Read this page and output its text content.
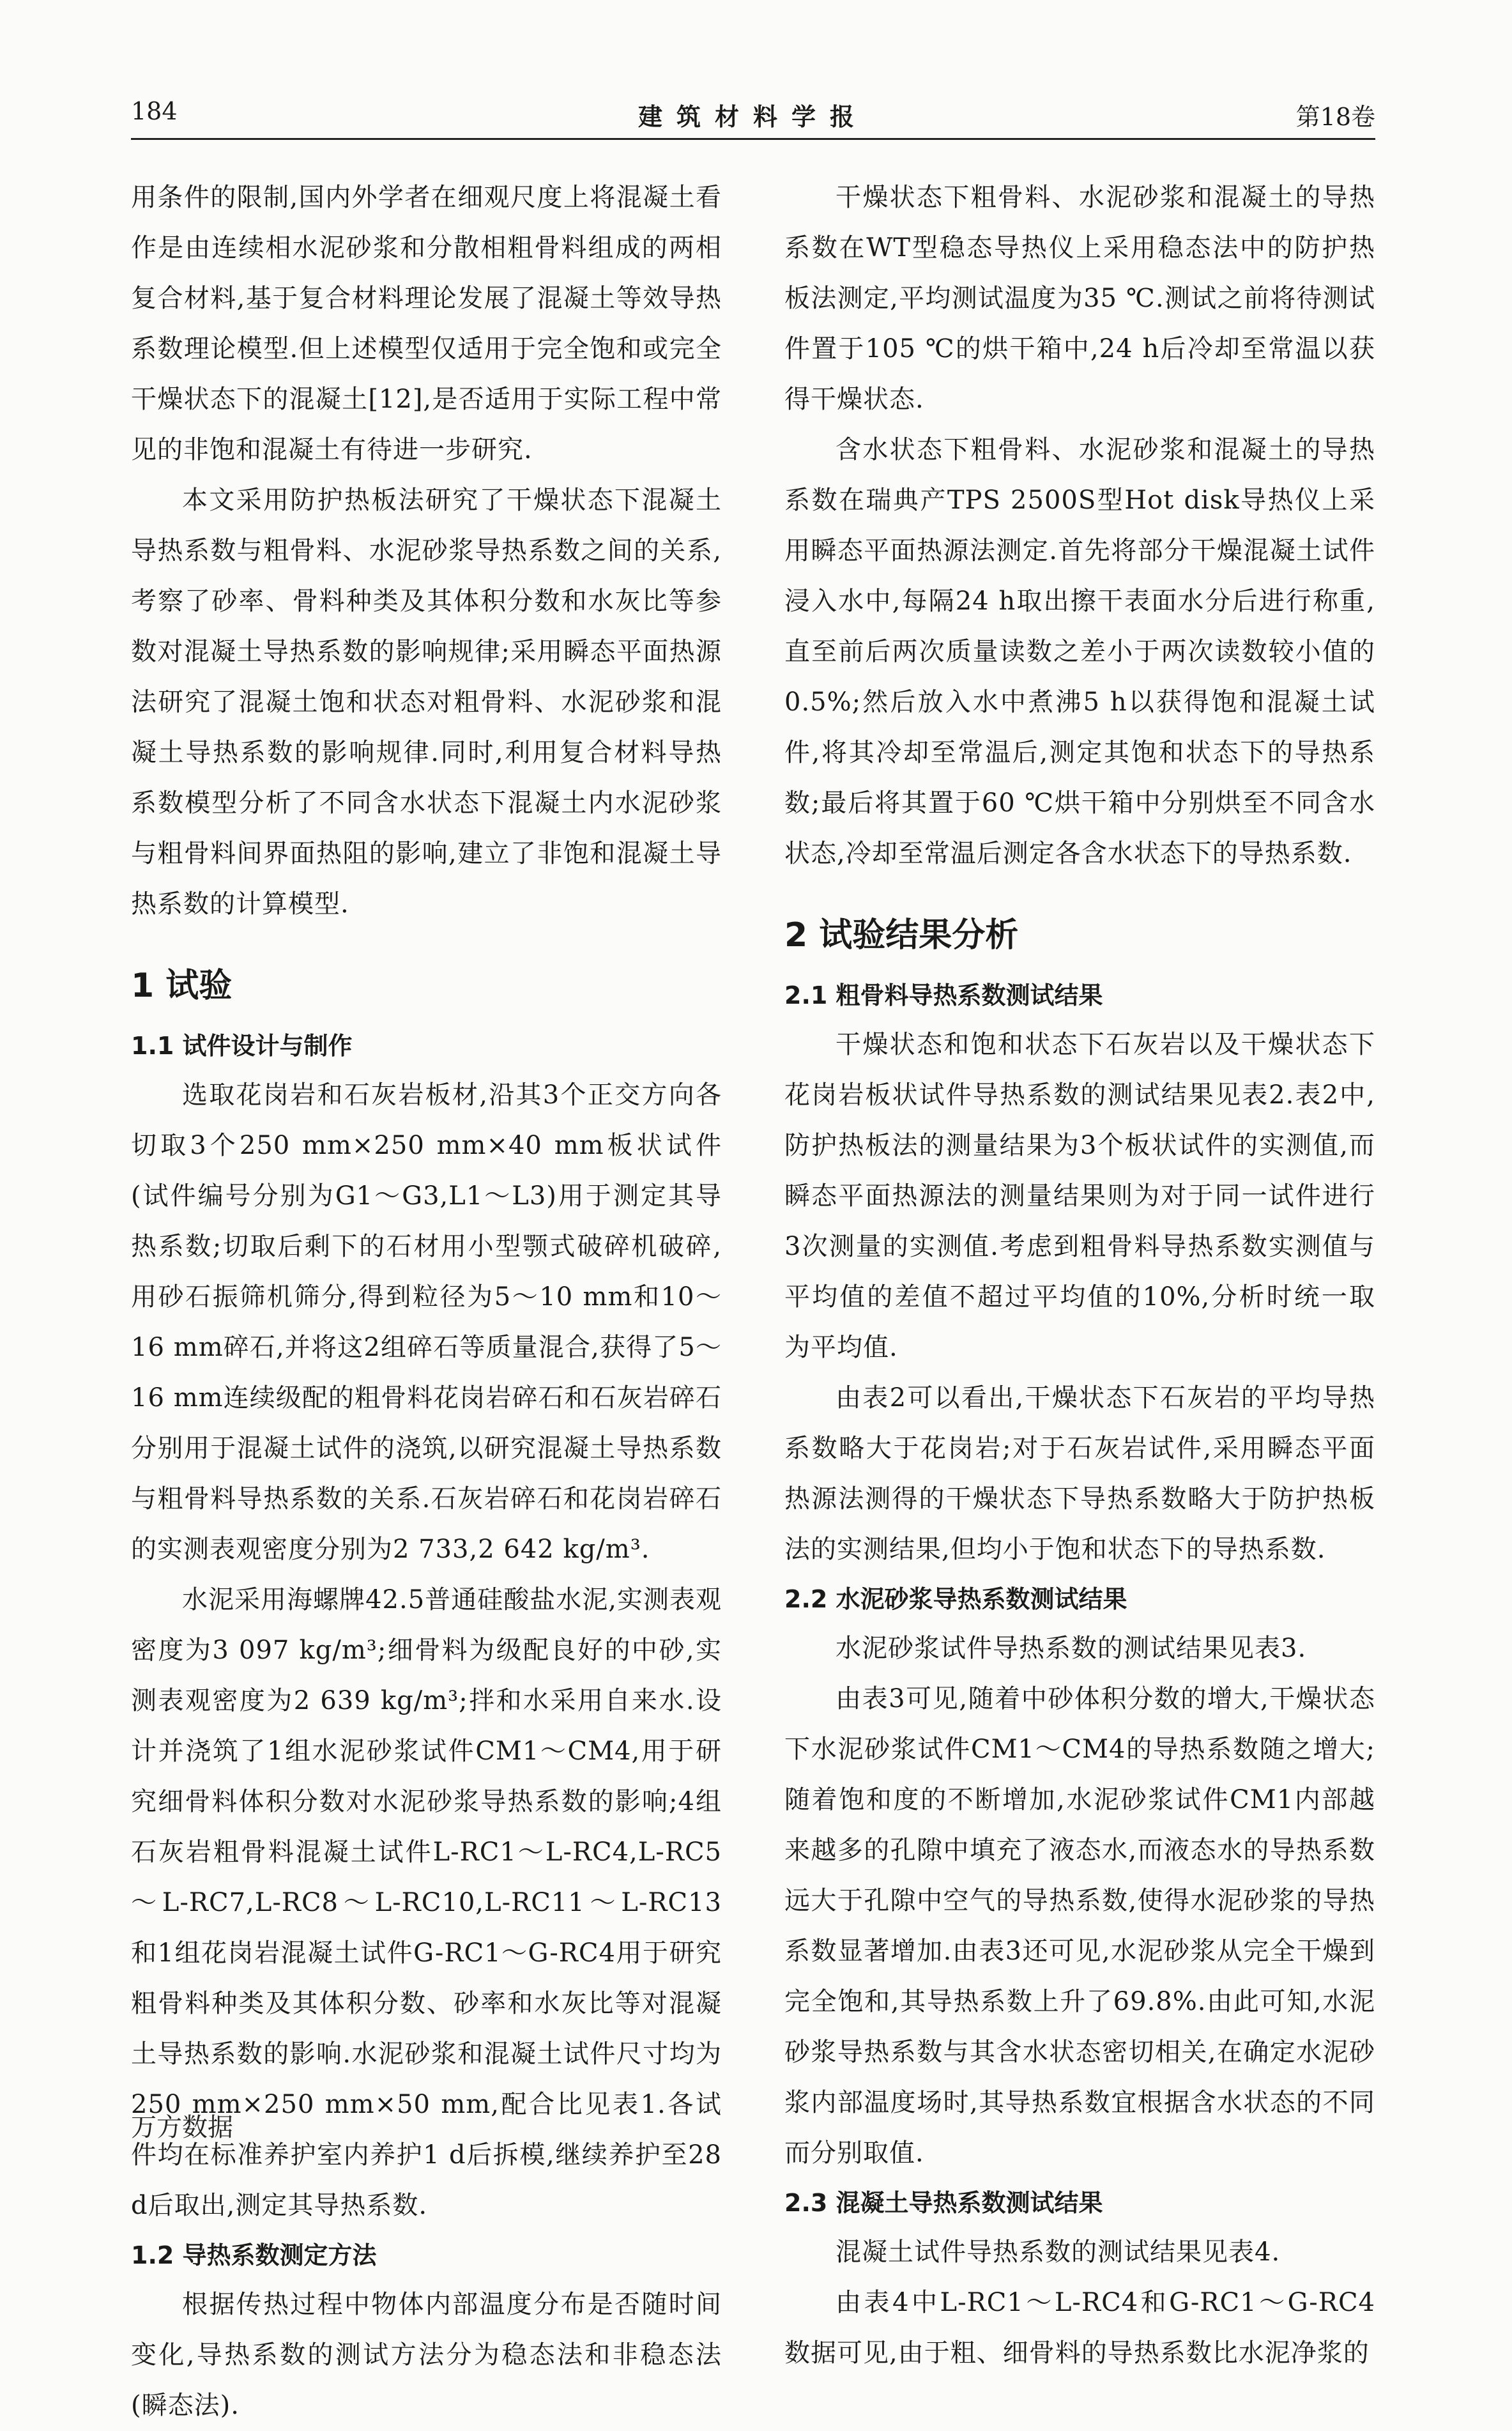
184	建筑材料学报	第18卷

用条件的限制,国内外学者在细观尺度上将混凝土看作是由连续相水泥砂浆和分散相粗骨料组成的两相复合材料,基于复合材料理论发展了混凝土等效导热系数理论模型.但上述模型仅适用于完全饱和或完全干燥状态下的混凝土[12],是否适用于实际工程中常见的非饱和混凝土有待进一步研究.

本文采用防护热板法研究了干燥状态下混凝土导热系数与粗骨料、水泥砂浆导热系数之间的关系,考察了砂率、骨料种类及其体积分数和水灰比等参数对混凝土导热系数的影响规律;采用瞬态平面热源法研究了混凝土饱和状态对粗骨料、水泥砂浆和混凝土导热系数的影响规律.同时,利用复合材料导热系数模型分析了不同含水状态下混凝土内水泥砂浆与粗骨料间界面热阻的影响,建立了非饱和混凝土导热系数的计算模型.

1 试验
1.1 试件设计与制作

选取花岗岩和石灰岩板材,沿其3个正交方向各切取3个250 mm×250 mm×40 mm板状试件(试件编号分别为G1～G3,L1～L3)用于测定其导热系数;切取后剩下的石材用小型颚式破碎机破碎,用砂石振筛机筛分,得到粒径为5～10 mm和10～16 mm碎石,并将这2组碎石等质量混合,获得了5～16 mm连续级配的粗骨料花岗岩碎石和石灰岩碎石分别用于混凝土试件的浇筑,以研究混凝土导热系数与粗骨料导热系数的关系.石灰岩碎石和花岗岩碎石的实测表观密度分别为2 733,2 642 kg/m³.

水泥采用海螺牌42.5普通硅酸盐水泥,实测表观密度为3 097 kg/m³;细骨料为级配良好的中砂,实测表观密度为2 639 kg/m³;拌和水采用自来水.设计并浇筑了1组水泥砂浆试件CM1～CM4,用于研究细骨料体积分数对水泥砂浆导热系数的影响;4组石灰岩粗骨料混凝土试件L-RC1～L-RC4,L-RC5～L-RC7,L-RC8～L-RC10,L-RC11～L-RC13和1组花岗岩混凝土试件G-RC1～G-RC4用于研究粗骨料种类及其体积分数、砂率和水灰比等对混凝土导热系数的影响.水泥砂浆和混凝土试件尺寸均为250 mm×250 mm×50 mm,配合比见表1.各试件均在标准养护室内养护1 d后拆模,继续养护至28 d后取出,测定其导热系数.

1.2 导热系数测定方法

根据传热过程中物体内部温度分布是否随时间变化,导热系数的测试方法分为稳态法和非稳态法(瞬态法).

干燥状态下粗骨料、水泥砂浆和混凝土的导热系数在WT型稳态导热仪上采用稳态法中的防护热板法测定,平均测试温度为35 ℃.测试之前将待测试件置于105 ℃的烘干箱中,24 h后冷却至常温以获得干燥状态.

含水状态下粗骨料、水泥砂浆和混凝土的导热系数在瑞典产TPS 2500S型Hot disk导热仪上采用瞬态平面热源法测定.首先将部分干燥混凝土试件浸入水中,每隔24 h取出擦干表面水分后进行称重,直至前后两次质量读数之差小于两次读数较小值的0.5%;然后放入水中煮沸5 h以获得饱和混凝土试件,将其冷却至常温后,测定其饱和状态下的导热系数;最后将其置于60 ℃烘干箱中分别烘至不同含水状态,冷却至常温后测定各含水状态下的导热系数.

2 试验结果分析
2.1 粗骨料导热系数测试结果

干燥状态和饱和状态下石灰岩以及干燥状态下花岗岩板状试件导热系数的测试结果见表2.表2中,防护热板法的测量结果为3个板状试件的实测值,而瞬态平面热源法的测量结果则为对于同一试件进行3次测量的实测值.考虑到粗骨料导热系数实测值与平均值的差值不超过平均值的10%,分析时统一取为平均值.

由表2可以看出,干燥状态下石灰岩的平均导热系数略大于花岗岩;对于石灰岩试件,采用瞬态平面热源法测得的干燥状态下导热系数略大于防护热板法的实测结果,但均小于饱和状态下的导热系数.

2.2 水泥砂浆导热系数测试结果

水泥砂浆试件导热系数的测试结果见表3.

由表3可见,随着中砂体积分数的增大,干燥状态下水泥砂浆试件CM1～CM4的导热系数随之增大;随着饱和度的不断增加,水泥砂浆试件CM1内部越来越多的孔隙中填充了液态水,而液态水的导热系数远大于孔隙中空气的导热系数,使得水泥砂浆的导热系数显著增加.由表3还可见,水泥砂浆从完全干燥到完全饱和,其导热系数上升了69.8%.由此可知,水泥砂浆导热系数与其含水状态密切相关,在确定水泥砂浆内部温度场时,其导热系数宜根据含水状态的不同而分别取值.

2.3 混凝土导热系数测试结果

混凝土试件导热系数的测试结果见表4.

由表4中L-RC1～L-RC4和G-RC1～G-RC4数据可见,由于粗、细骨料的导热系数比水泥净浆的

万方数据
